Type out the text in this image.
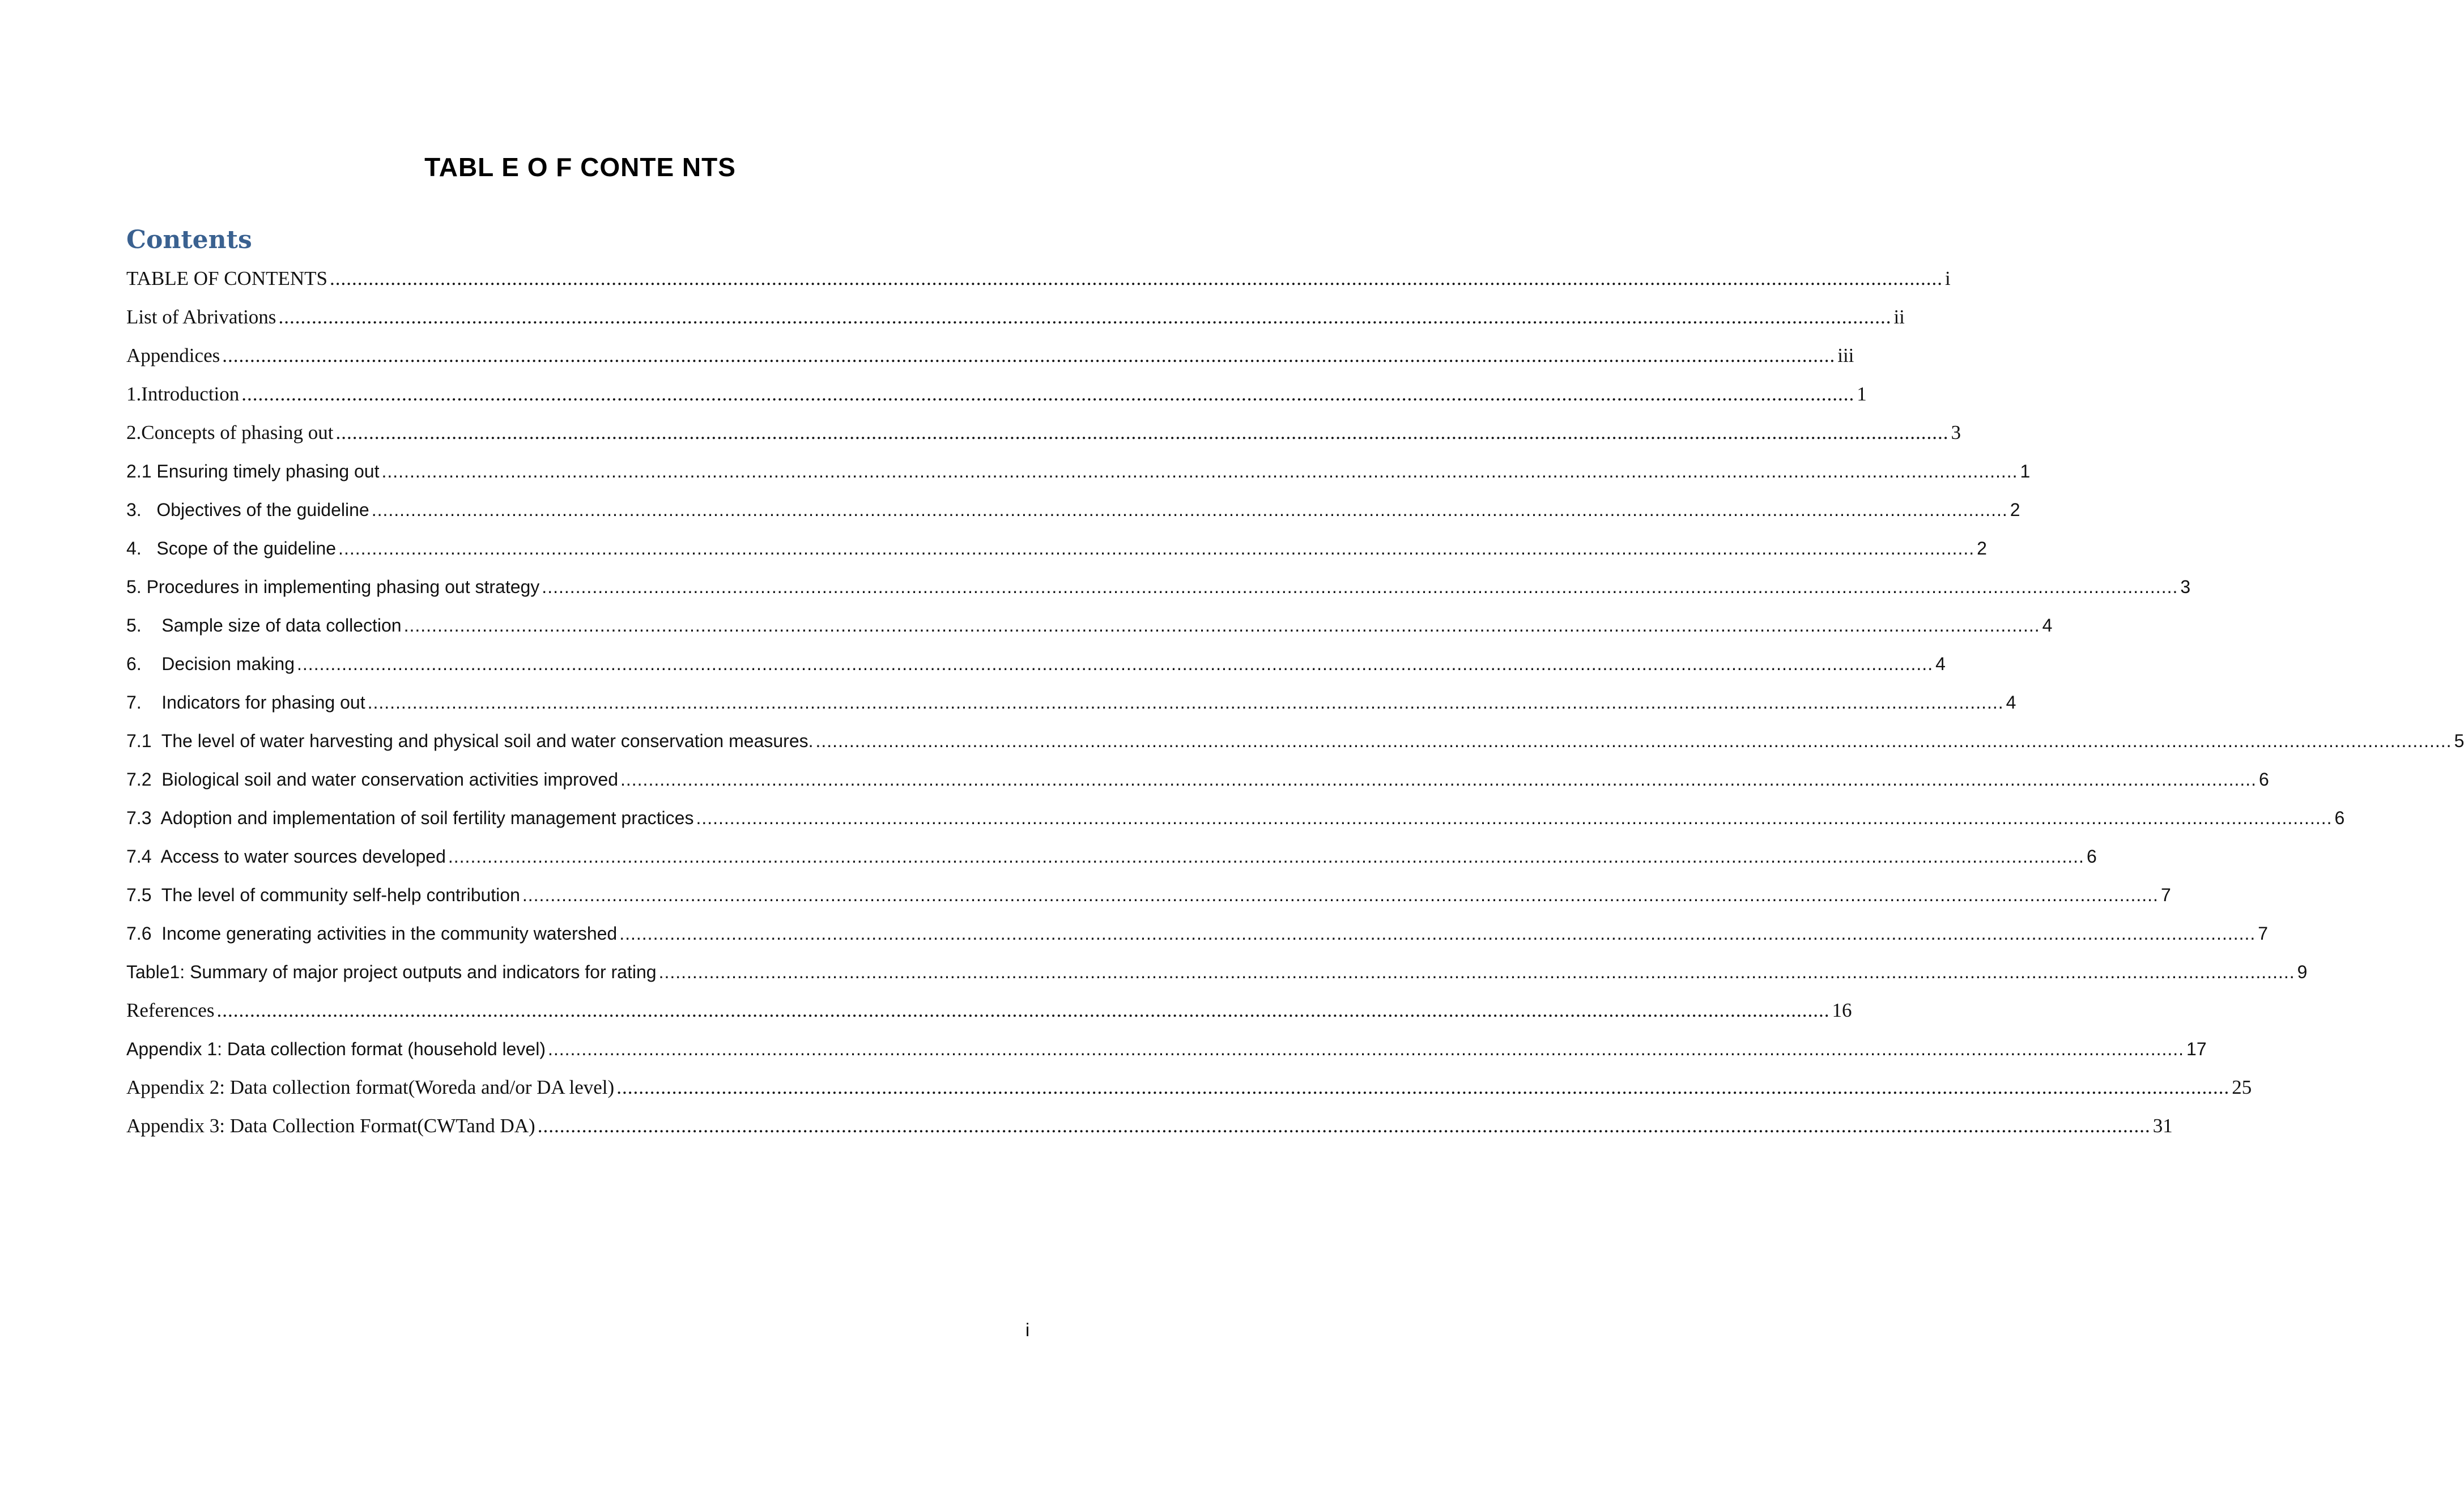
TABL E O F CONTE NTS
Contents
TABLE OF CONTENTS .................................................................................................................................................................................................................................................................................................... i
List of Abrivations .................................................................................................................................................................................................................................................................................................... ii
Appendices .................................................................................................................................................................................................................................................................................................... iii
1.Introduction .................................................................................................................................................................................................................................................................................................... 1
2.Concepts of phasing out .................................................................................................................................................................................................................................................................................................... 3
2.1 Ensuring timely phasing out .................................................................................................................................................................................................................................................................................................... 1
3.   Objectives of the guideline .................................................................................................................................................................................................................................................................................................... 2
4.   Scope of the guideline .................................................................................................................................................................................................................................................................................................... 2
5. Procedures in implementing phasing out strategy .................................................................................................................................................................................................................................................................................................... 3
5.    Sample size of data collection .................................................................................................................................................................................................................................................................................................... 4
6.    Decision making .................................................................................................................................................................................................................................................................................................... 4
7.    Indicators for phasing out .................................................................................................................................................................................................................................................................................................... 4
7.1  The level of water harvesting and physical soil and water conservation measures. .................................................................................................................................................................................................................................................................................................... 5
7.2  Biological soil and water conservation activities improved .................................................................................................................................................................................................................................................................................................... 6
7.3  Adoption and implementation of soil fertility management practices .................................................................................................................................................................................................................................................................................................... 6
7.4  Access to water sources developed .................................................................................................................................................................................................................................................................................................... 6
7.5  The level of community self-help contribution .................................................................................................................................................................................................................................................................................................... 7
7.6  Income generating activities in the community watershed .................................................................................................................................................................................................................................................................................................... 7
Table1: Summary of major project outputs and indicators for rating .................................................................................................................................................................................................................................................................................................... 9
References .................................................................................................................................................................................................................................................................................................... 16
Appendix 1: Data collection format (household level) .................................................................................................................................................................................................................................................................................................... 17
Appendix 2: Data collection format(Woreda and/or DA level) .................................................................................................................................................................................................................................................................................................... 25
Appendix 3: Data Collection Format(CWTand DA) .................................................................................................................................................................................................................................................................................................... 31
i
